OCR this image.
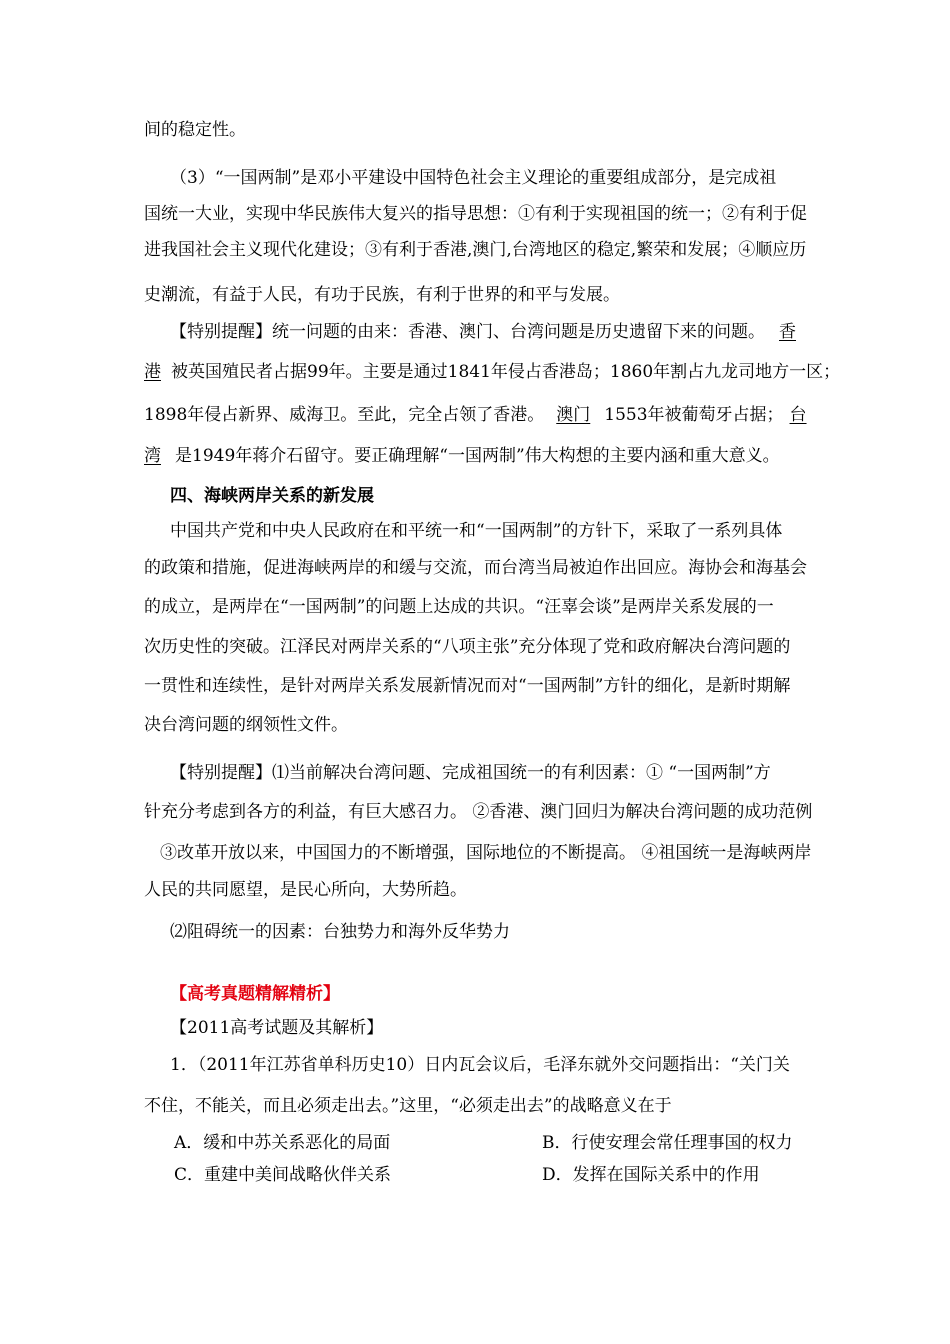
间的稳定性。
（3）“一国两制”是邓小平建设中国特色社会主义理论的重要组成部分，是完成祖
国统一大业，实现中华民族伟大复兴的指导思想：①有利于实现祖国的统一；②有利于促
进我国社会主义现代化建设；③有利于香港,澳门,台湾地区的稳定,繁荣和发展；④顺应历
史潮流，有益于人民，有功于民族，有利于世界的和平与发展。
【特别提醒】统一问题的由来：香港、澳门、台湾问题是历史遗留下来的问题。 香
港 被英国殖民者占据99年。主要是通过1841年侵占香港岛；1860年割占九龙司地方一区；
1898年侵占新界、威海卫。至此，完全占领了香港。 澳门 1553年被葡萄牙占据； 台
湾 是1949年蒋介石留守。要正确理解“一国两制”伟大构想的主要内涵和重大意义。
四、海峡两岸关系的新发展
中国共产党和中央人民政府在和平统一和“一国两制”的方针下，采取了一系列具体
的政策和措施，促进海峡两岸的和缓与交流，而台湾当局被迫作出回应。海协会和海基会
的成立，是两岸在“一国两制”的问题上达成的共识。“汪辜会谈”是两岸关系发展的一
次历史性的突破。江泽民对两岸关系的“八项主张”充分体现了党和政府解决台湾问题的
一贯性和连续性，是针对两岸关系发展新情况而对“一国两制”方针的细化，是新时期解
决台湾问题的纲领性文件。
【特别提醒】⑴当前解决台湾问题、完成祖国统一的有利因素：① “一国两制”方
针充分考虑到各方的利益，有巨大感召力。 ②香港、澳门回归为解决台湾问题的成功范例
③改革开放以来，中国国力的不断增强，国际地位的不断提高。 ④祖国统一是海峡两岸
人民的共同愿望，是民心所向，大势所趋。
⑵阻碍统一的因素：台独势力和海外反华势力
【高考真题精解精析】
【2011高考试题及其解析】
1．（2011年江苏省单科历史10）日内瓦会议后，毛泽东就外交问题指出：“关门关
不住，不能关，而且必须走出去。”这里，“必须走出去”的战略意义在于
A．缓和中苏关系恶化的局面	B．行使安理会常任理事国的权力
C．重建中美间战略伙伴关系	D．发挥在国际关系中的作用
